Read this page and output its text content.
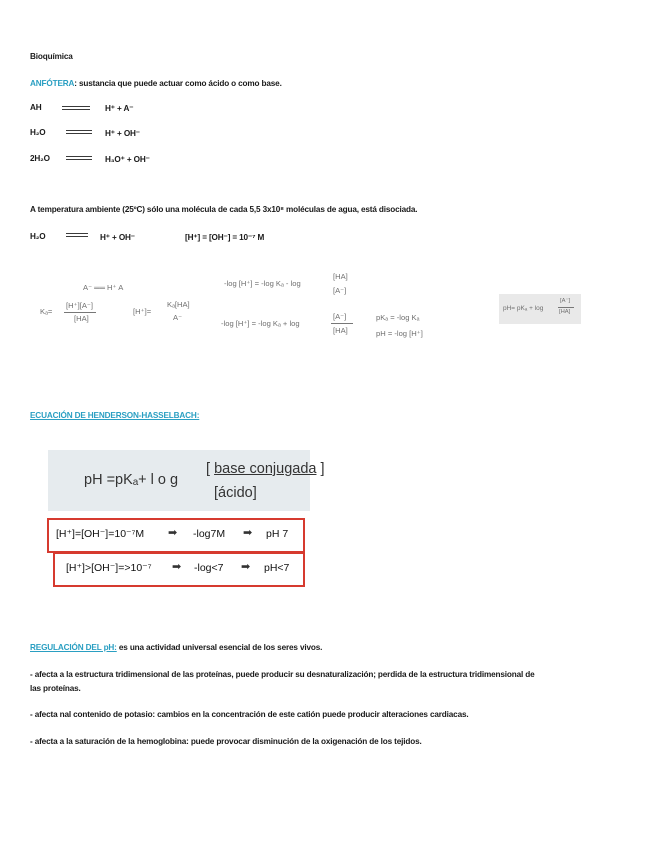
Bioquímica
ANFÓTERA: sustancia que puede actuar como ácido o como base.
AH	H⁺ + A⁻
H₂O	H⁺ + OH⁻
2H₂O	H₃O⁺ + OH⁻
A temperatura ambiente (25ºC) sólo una molécula de cada 5,5 3x10⁸ moléculas de agua, está disociada.
H₂O	H⁺ + OH⁻	[H⁺] = [OH⁻] = 10⁻⁷ M
A⁻ ══ H⁺ A
Kₐ=
[H⁺][A⁻]
[HA]
[H⁺]=
Kₐ[HA]
A⁻
-log [H⁺] = -log Kₐ - log
[HA]
[A⁻]
-log [H⁺] = -log Kₐ + log
[A⁻]
[HA]
pKₐ = -log Kₐ
pH = -log [H⁺]
pH= pKₐ + log
[A⁻]
[HA]
ECUACIÓN DE HENDERSON-HASSELBACH:
pH =pKₐ+ l o g
[ base conjugada ]
[ácido]
[H⁺]=[OH⁻]=10⁻⁷M ➡ -log7M ➡ pH 7
[H⁺]>[OH⁻]=>10⁻⁷ ➡ -log<7 ➡ pH<7
REGULACIÓN DEL pH: es una actividad universal esencial de los seres vivos.
- afecta a la estructura tridimensional de las proteínas, puede producir su desnaturalización; perdida de la estructura tridimensional de
las proteínas.
- afecta nal contenido de potasio: cambios en la concentración de este catión puede producir alteraciones cardiacas.
- afecta a la saturación de la hemoglobina: puede provocar disminución de la oxigenación de los tejidos.
